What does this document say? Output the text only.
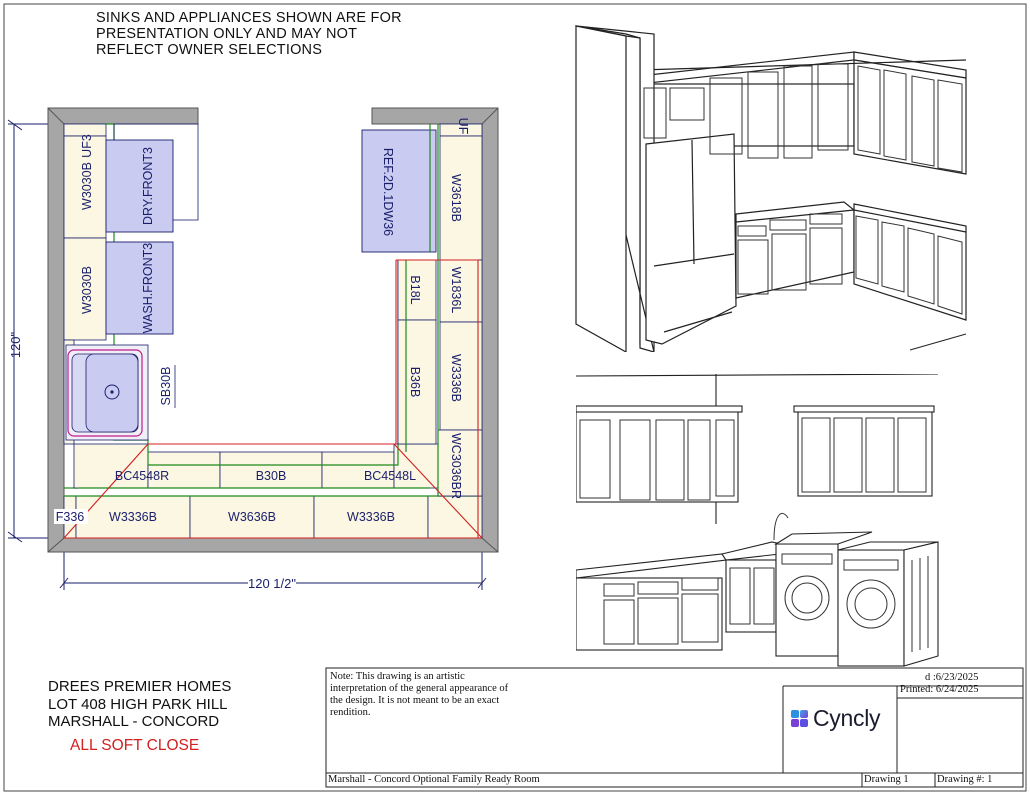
SINKS AND APPLIANCES SHOWN ARE FOR
PRESENTATION ONLY AND MAY NOT
REFLECT OWNER SELECTIONS
120"
120 1/2"
UF3
UF
W3030B
W3030B
DRY.FRONT3
WASH.FRONT3
SB30B
REF.2D.1DW36	W3618B
B18L W1836L
B36B W3336B
WC3036BR
BC4548R	B30B	BC4548L
F336 W3336B	W3636B	W3336B
DREES PREMIER HOMES
LOT 408 HIGH PARK HILL
MARSHALL - CONCORD
ALL SOFT CLOSE
Note: This drawing is an artistic interpretation of the general appearance of the design. It is not meant to be an exact rendition.
d :6/23/2025
Printed: 6/24/2025
Cyncly
Marshall - Concord Optional Family Ready Room	Drawing 1	Drawing #: 1
